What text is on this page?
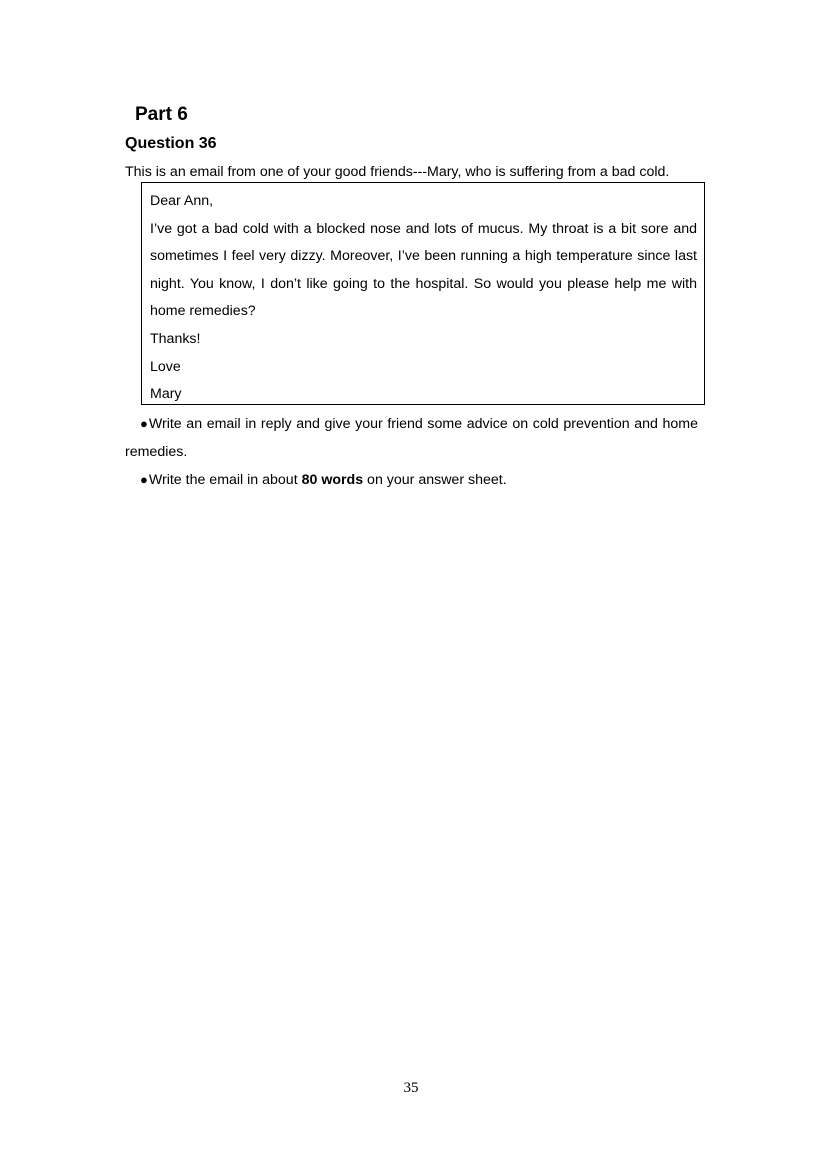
Part 6
Question 36
This is an email from one of your good friends---Mary, who is suffering from a bad cold.
Dear Ann,
I’ve got a bad cold with a blocked nose and lots of mucus. My throat is a bit sore and sometimes I feel very dizzy. Moreover, I’ve been running a high temperature since last night. You know, I don’t like going to the hospital. So would you please help me with home remedies?
Thanks!
Love
Mary
●Write an email in reply and give your friend some advice on cold prevention and home remedies.
●Write the email in about 80 words on your answer sheet.
35
